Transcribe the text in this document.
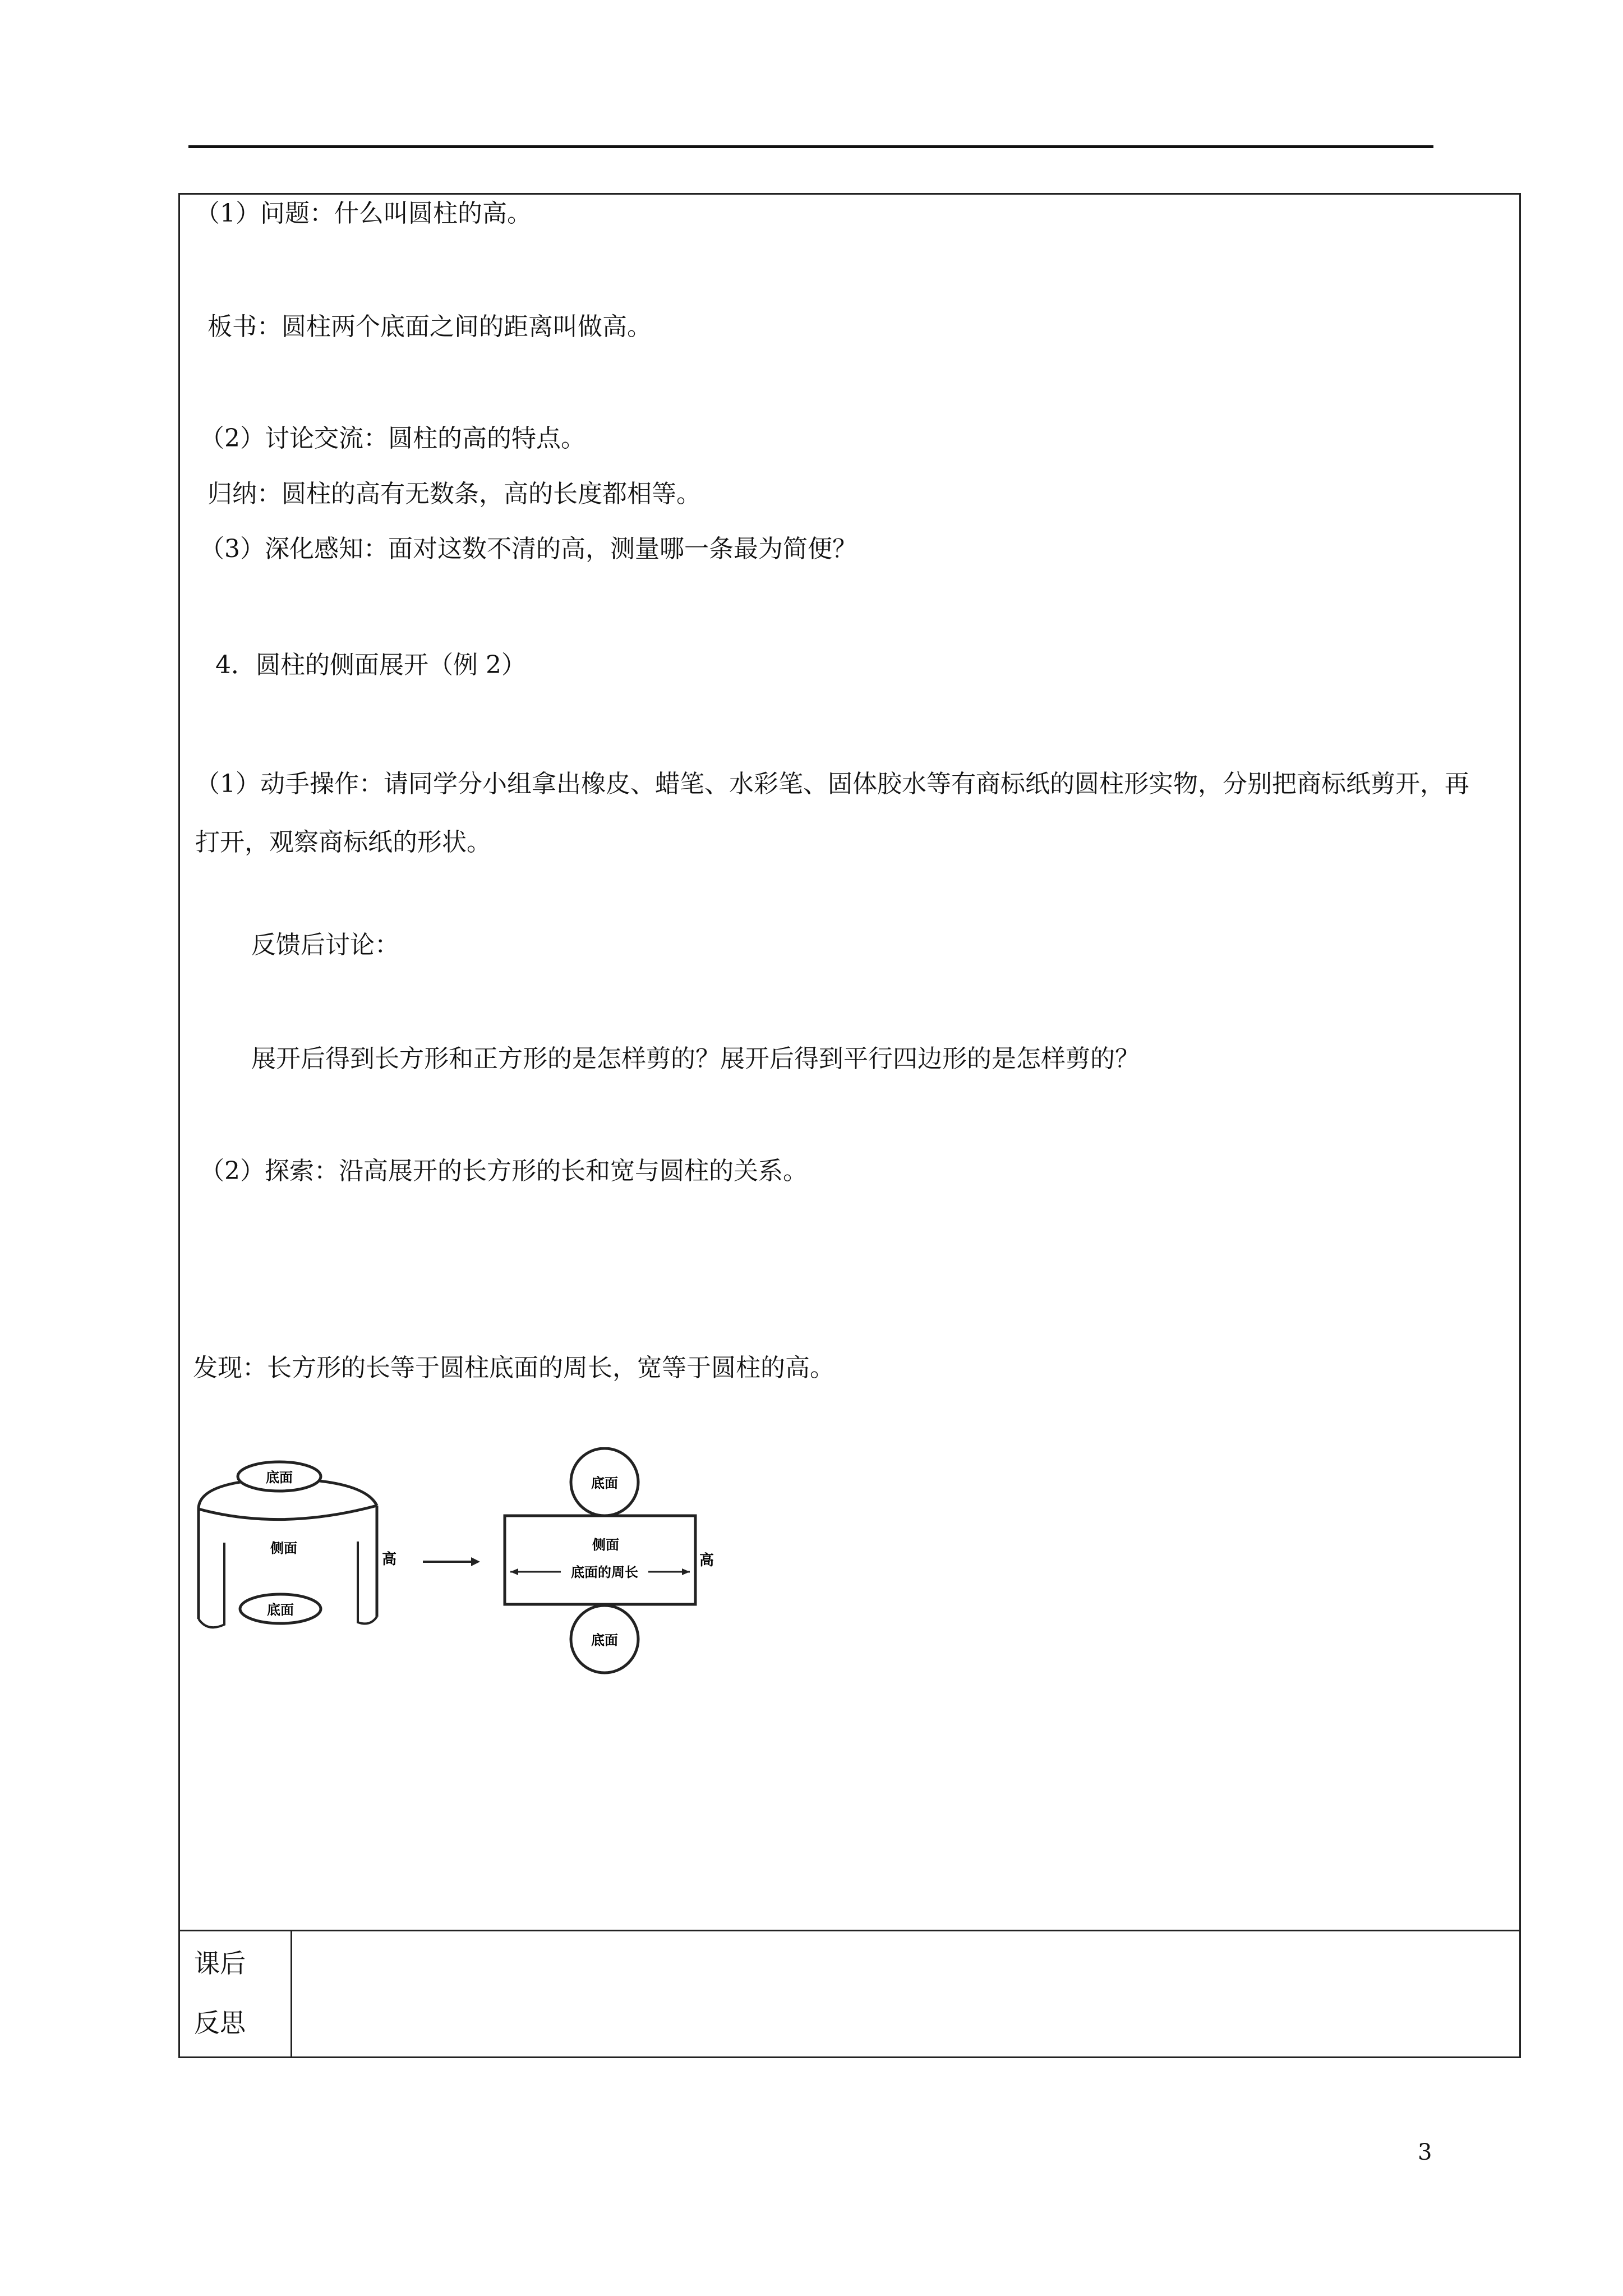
（1）问题：什么叫圆柱的高。
板书：圆柱两个底面之间的距离叫做高。
（2）讨论交流：圆柱的高的特点。
归纳：圆柱的高有无数条，高的长度都相等。
（3）深化感知：面对这数不清的高，测量哪一条最为简便？
4．圆柱的侧面展开（例 2）
（1）动手操作：请同学分小组拿出橡皮、蜡笔、水彩笔、固体胶水等有商标纸的圆柱形实物，分别把商标纸剪开，再打开，观察商标纸的形状。
反馈后讨论：
展开后得到长方形和正方形的是怎样剪的？展开后得到平行四边形的是怎样剪的？
（2）探索：沿高展开的长方形的长和宽与圆柱的关系。
发现：长方形的长等于圆柱底面的周长，宽等于圆柱的高。
底面
侧面
底面
高
底面
侧面
底面的周长
高
底面
课后
反思
3
